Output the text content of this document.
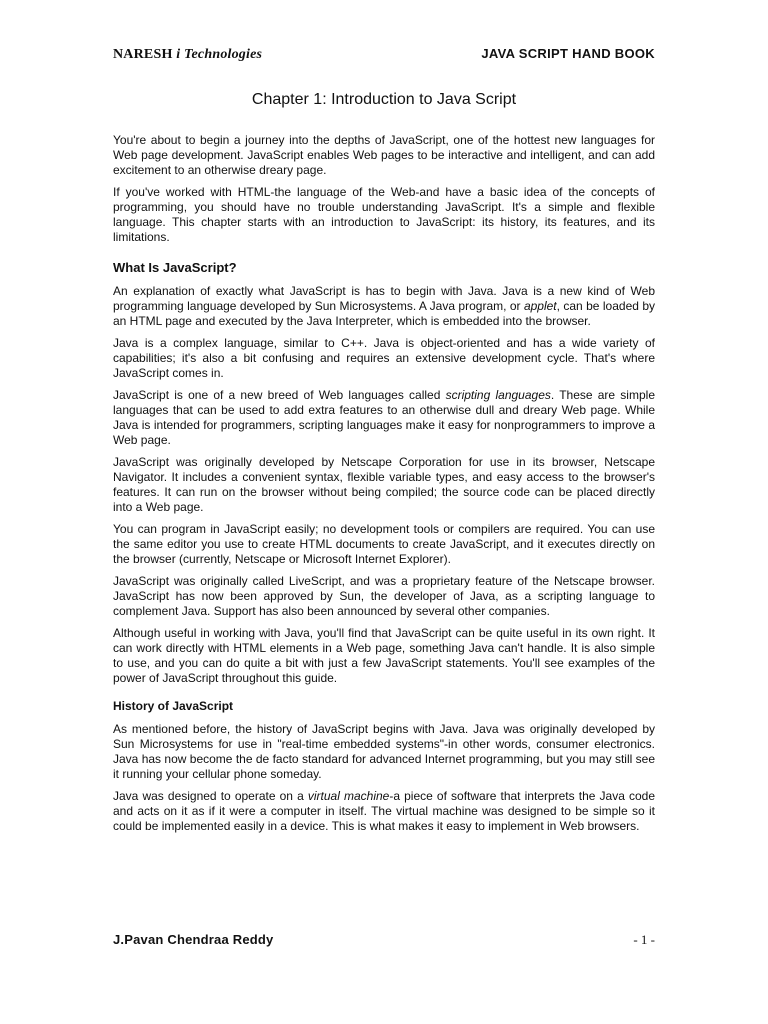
NARESH i Technologies	JAVA SCRIPT HAND BOOK
Chapter 1: Introduction to Java Script

You're about to begin a journey into the depths of JavaScript, one of the hottest new languages for Web page development. JavaScript enables Web pages to be interactive and intelligent, and can add excitement to an otherwise dreary page.

If you've worked with HTML-the language of the Web-and have a basic idea of the concepts of programming, you should have no trouble understanding JavaScript. It's a simple and flexible language. This chapter starts with an introduction to JavaScript: its history, its features, and its limitations.

What Is JavaScript?

An explanation of exactly what JavaScript is has to begin with Java. Java is a new kind of Web programming language developed by Sun Microsystems. A Java program, or applet, can be loaded by an HTML page and executed by the Java Interpreter, which is embedded into the browser.

Java is a complex language, similar to C++. Java is object-oriented and has a wide variety of capabilities; it's also a bit confusing and requires an extensive development cycle. That's where JavaScript comes in.

JavaScript is one of a new breed of Web languages called scripting languages. These are simple languages that can be used to add extra features to an otherwise dull and dreary Web page. While Java is intended for programmers, scripting languages make it easy for nonprogrammers to improve a Web page.

JavaScript was originally developed by Netscape Corporation for use in its browser, Netscape Navigator. It includes a convenient syntax, flexible variable types, and easy access to the browser's features. It can run on the browser without being compiled; the source code can be placed directly into a Web page.

You can program in JavaScript easily; no development tools or compilers are required. You can use the same editor you use to create HTML documents to create JavaScript, and it executes directly on the browser (currently, Netscape or Microsoft Internet Explorer).

JavaScript was originally called LiveScript, and was a proprietary feature of the Netscape browser. JavaScript has now been approved by Sun, the developer of Java, as a scripting language to complement Java. Support has also been announced by several other companies.

Although useful in working with Java, you'll find that JavaScript can be quite useful in its own right. It can work directly with HTML elements in a Web page, something Java can't handle. It is also simple to use, and you can do quite a bit with just a few JavaScript statements. You'll see examples of the power of JavaScript throughout this guide.

History of JavaScript

As mentioned before, the history of JavaScript begins with Java. Java was originally developed by Sun Microsystems for use in "real-time embedded systems"-in other words, consumer electronics. Java has now become the de facto standard for advanced Internet programming, but you may still see it running your cellular phone someday.

Java was designed to operate on a virtual machine-a piece of software that interprets the Java code and acts on it as if it were a computer in itself. The virtual machine was designed to be simple so it could be implemented easily in a device. This is what makes it easy to implement in Web browsers.

J.Pavan Chendraa Reddy	- 1 -
